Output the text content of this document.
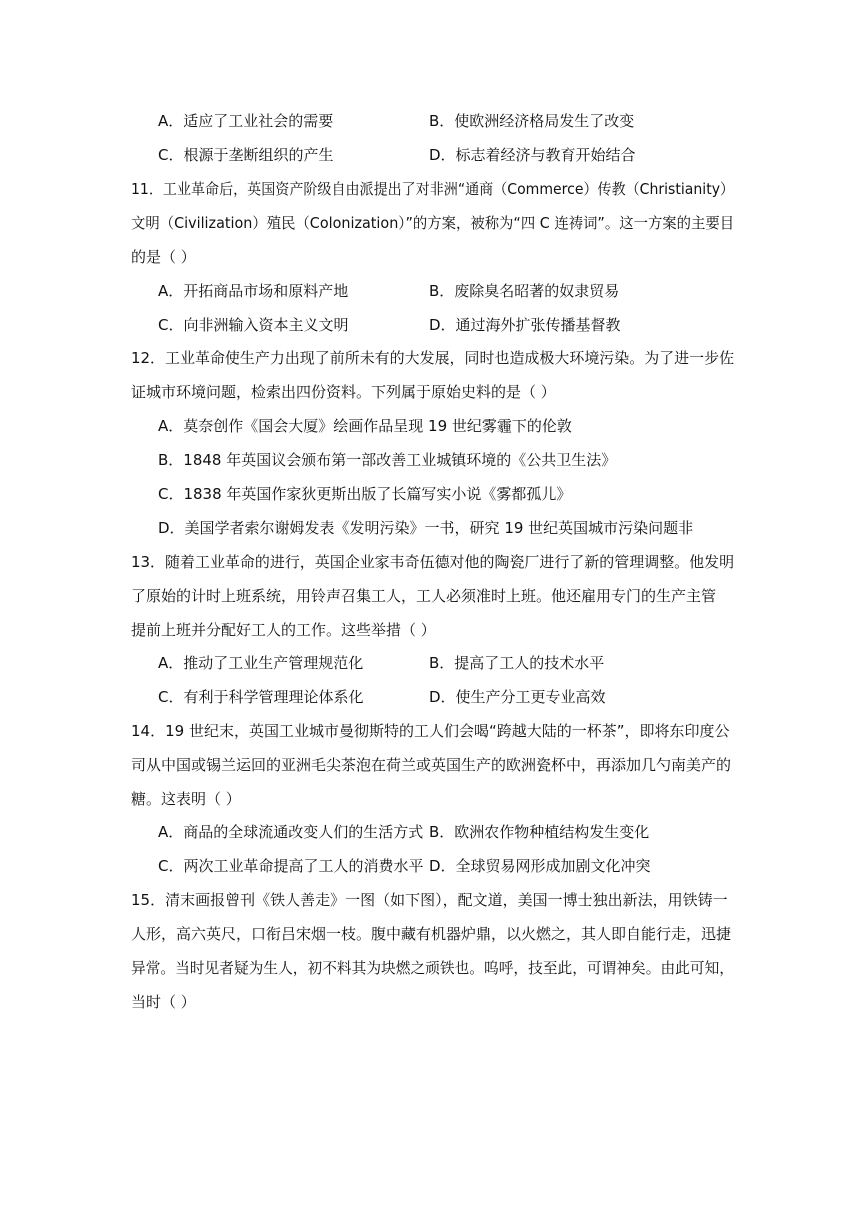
A．适应了工业社会的需要	B．使欧洲经济格局发生了改变
C．根源于垄断组织的产生	D．标志着经济与教育开始结合
11．工业革命后，英国资产阶级自由派提出了对非洲“通商（Commerce）传教（Christianity）
文明（Civilization）殖民（Colonization）”的方案，被称为“四 C 连祷词”。这一方案的主要目
的是（ ）
A．开拓商品市场和原料产地	B．废除臭名昭著的奴隶贸易
C．向非洲输入资本主义文明	D．通过海外扩张传播基督教
12．工业革命使生产力出现了前所未有的大发展，同时也造成极大环境污染。为了进一步佐
证城市环境问题，检索出四份资料。下列属于原始史料的是（ ）
A．莫奈创作《国会大厦》绘画作品呈现 19 世纪雾霾下的伦敦
B．1848 年英国议会颁布第一部改善工业城镇环境的《公共卫生法》
C．1838 年英国作家狄更斯出版了长篇写实小说《雾都孤儿》
D．美国学者索尔谢姆发表《发明污染》一书，研究 19 世纪英国城市污染问题非
13．随着工业革命的进行，英国企业家韦奇伍德对他的陶瓷厂进行了新的管理调整。他发明
了原始的计时上班系统，用铃声召集工人，工人必须准时上班。他还雇用专门的生产主管
提前上班并分配好工人的工作。这些举措（ ）
A．推动了工业生产管理规范化	B．提高了工人的技术水平
C．有利于科学管理理论体系化	D．使生产分工更专业高效
14．19 世纪末，英国工业城市曼彻斯特的工人们会喝“跨越大陆的一杯茶”，即将东印度公
司从中国或锡兰运回的亚洲毛尖茶泡在荷兰或英国生产的欧洲瓷杯中，再添加几勺南美产的
糖。这表明（ ）
A．商品的全球流通改变人们的生活方式 B．欧洲农作物种植结构发生变化
C．两次工业革命提高了工人的消费水平 D．全球贸易网形成加剧文化冲突
15．清末画报曾刊《铁人善走》一图（如下图），配文道，美国一博士独出新法，用铁铸一
人形，高六英尺，口衔吕宋烟一枝。腹中藏有机器炉鼎，以火燃之，其人即自能行走，迅捷
异常。当时见者疑为生人，初不料其为块燃之顽铁也。呜呼，技至此，可谓神矣。由此可知，
当时（ ）
